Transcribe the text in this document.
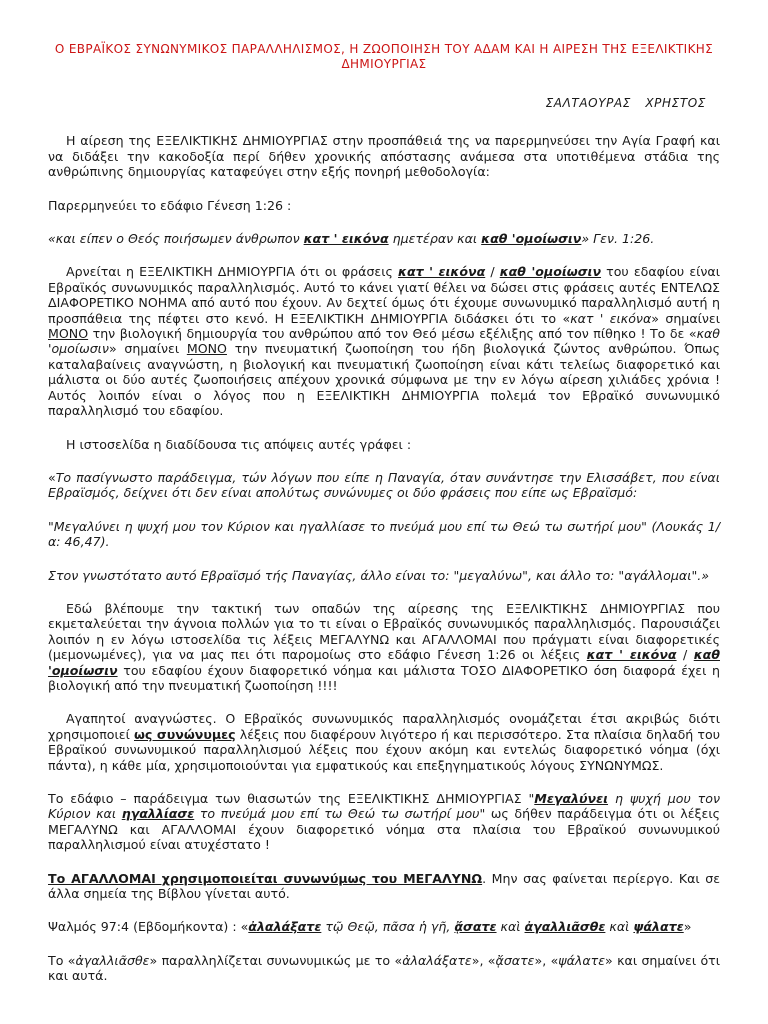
Ο ΕΒΡΑΪΚΟΣ ΣΥΝΩΝΥΜΙΚΟΣ ΠΑΡΑΛΛΗΛΙΣΜΟΣ, Η ΖΩΟΠΟΙΗΣΗ ΤΟΥ ΑΔΑΜ ΚΑΙ Η ΑΙΡΕΣΗ ΤΗΣ ΕΞΕΛΙΚΤΙΚΗΣ ΔΗΜΙΟΥΡΓΙΑΣ
ΣΑΛΤΑΟΥΡΑΣ ΧΡΗΣΤΟΣ

Η αίρεση της ΕΞΕΛΙΚΤΙΚΗΣ ΔΗΜΙΟΥΡΓΙΑΣ στην προσπάθειά της να παρερμηνεύσει την Αγία Γραφή και να διδάξει την κακοδοξία περί δήθεν χρονικής απόστασης ανάμεσα στα υποτιθέμενα στάδια της ανθρώπινης δημιουργίας καταφεύγει στην εξής πονηρή μεθοδολογία:

Παρερμηνεύει το εδάφιο Γένεση 1:26 :

«και είπεν ο Θεός ποιήσωμεν άνθρωπον κατ ' εικόνα ημετέραν και καθ 'ομοίωσιν» Γεν. 1:26.

Αρνείται η ΕΞΕΛΙΚΤΙΚΗ ΔΗΜΙΟΥΡΓΙΑ ότι οι φράσεις κατ ' εικόνα / καθ 'ομοίωσιν του εδαφίου είναι Εβραϊκός συνωνυμικός παραλληλισμός. Αυτό το κάνει γιατί θέλει να δώσει στις φράσεις αυτές ΕΝΤΕΛΩΣ ΔΙΑΦΟΡΕΤΙΚΟ ΝΟΗΜΑ από αυτό που έχουν. Αν δεχτεί όμως ότι έχουμε συνωνυμικό παραλληλισμό αυτή η προσπάθεια της πέφτει στο κενό. Η ΕΞΕΛΙΚΤΙΚΗ ΔΗΜΙΟΥΡΓΙΑ διδάσκει ότι το «κατ ' εικόνα» σημαίνει ΜΟΝΟ την βιολογική δημιουργία του ανθρώπου από τον Θεό μέσω εξέλιξης από τον πίθηκο ! Το δε «καθ 'ομοίωσιν» σημαίνει ΜΟΝΟ την πνευματική ζωοποίηση του ήδη βιολογικά ζώντος ανθρώπου. Όπως καταλαβαίνεις αναγνώστη, η βιολογική και πνευματική ζωοποίηση είναι κάτι τελείως διαφορετικό και μάλιστα οι δύο αυτές ζωοποιήσεις απέχουν χρονικά σύμφωνα με την εν λόγω αίρεση χιλιάδες χρόνια ! Αυτός λοιπόν είναι ο λόγος που η ΕΞΕΛΙΚΤΙΚΗ ΔΗΜΙΟΥΡΓΙΑ πολεμά τον Εβραϊκό συνωνυμικό παραλληλισμό του εδαφίου.

Η ιστοσελίδα η διαδίδουσα τις απόψεις αυτές γράφει :

«Το πασίγνωστο παράδειγμα, τών λόγων που είπε η Παναγία, όταν συνάντησε την Ελισσάβετ, που είναι Εβραϊσμός, δείχνει ότι δεν είναι απολύτως συνώνυμες οι δύο φράσεις που είπε ως Εβραϊσμό:

"Μεγαλύνει η ψυχή μου τον Κύριον και ηγαλλίασε το πνεύμά μου επί τω Θεώ τω σωτήρί μου" (Λουκάς 1/α: 46,47).

Στον γνωστότατο αυτό Εβραϊσμό τής Παναγίας, άλλο είναι το: "μεγαλύνω", και άλλο το: "αγάλλομαι".»

Εδώ βλέπουμε την τακτική των οπαδών της αίρεσης της ΕΞΕΛΙΚΤΙΚΗΣ ΔΗΜΙΟΥΡΓΙΑΣ που εκμεταλεύεται την άγνοια πολλών για το τι είναι ο Εβραϊκός συνωνυμικός παραλληλισμός. Παρουσιάζει λοιπόν η εν λόγω ιστοσελίδα τις λέξεις ΜΕΓΑΛΥΝΩ και ΑΓΑΛΛΟΜΑΙ που πράγματι είναι διαφορετικές (μεμονωμένες), για να μας πει ότι παρομοίως στο εδάφιο Γένεση 1:26 οι λέξεις κατ ' εικόνα / καθ 'ομοίωσιν του εδαφίου έχουν διαφορετικό νόημα και μάλιστα ΤΟΣΟ ΔΙΑΦΟΡΕΤΙΚΟ όση διαφορά έχει η βιολογική από την πνευματική ζωοποίηση !!!!

Αγαπητοί αναγνώστες. Ο Εβραϊκός συνωνυμικός παραλληλισμός ονομάζεται έτσι ακριβώς διότι χρησιμοποιεί ως συνώνυμες λέξεις που διαφέρουν λιγότερο ή και περισσότερο. Στα πλαίσια δηλαδή του Εβραϊκού συνωνυμικού παραλληλισμού λέξεις που έχουν ακόμη και εντελώς διαφορετικό νόημα (όχι πάντα), η κάθε μία, χρησιμοποιούνται για εμφατικούς και επεξηγηματικούς λόγους ΣΥΝΩΝΥΜΩΣ.

Το εδάφιο – παράδειγμα των θιασωτών της ΕΞΕΛΙΚΤΙΚΗΣ ΔΗΜΙΟΥΡΓΙΑΣ "Μεγαλύνει η ψυχή μου τον Κύριον και ηγαλλίασε το πνεύμά μου επί τω Θεώ τω σωτήρί μου" ως δήθεν παράδειγμα ότι οι λέξεις ΜΕΓΑΛΥΝΩ και ΑΓΑΛΛΟΜΑΙ έχουν διαφορετικό νόημα στα πλαίσια του Εβραϊκού συνωνυμικού παραλληλισμού είναι ατυχέστατο !

Το ΑΓΑΛΛΟΜΑΙ χρησιμοποιείται συνωνύμως του ΜΕΓΑΛΥΝΩ. Μην σας φαίνεται περίεργο. Και σε άλλα σημεία της Βίβλου γίνεται αυτό.

Ψαλμός 97:4 (Εβδομήκοντα) : «ἀλαλάξατε τῷ Θεῷ, πᾶσα ἡ γῆ, ᾄσατε καὶ ἀγαλλιᾶσθε καὶ ψάλατε»

Το «ἀγαλλιᾶσθε» παραλληλίζεται συνωνυμικώς με το «ἀλαλάξατε», «ᾄσατε», «ψάλατε» και σημαίνει ότι και αυτά.
